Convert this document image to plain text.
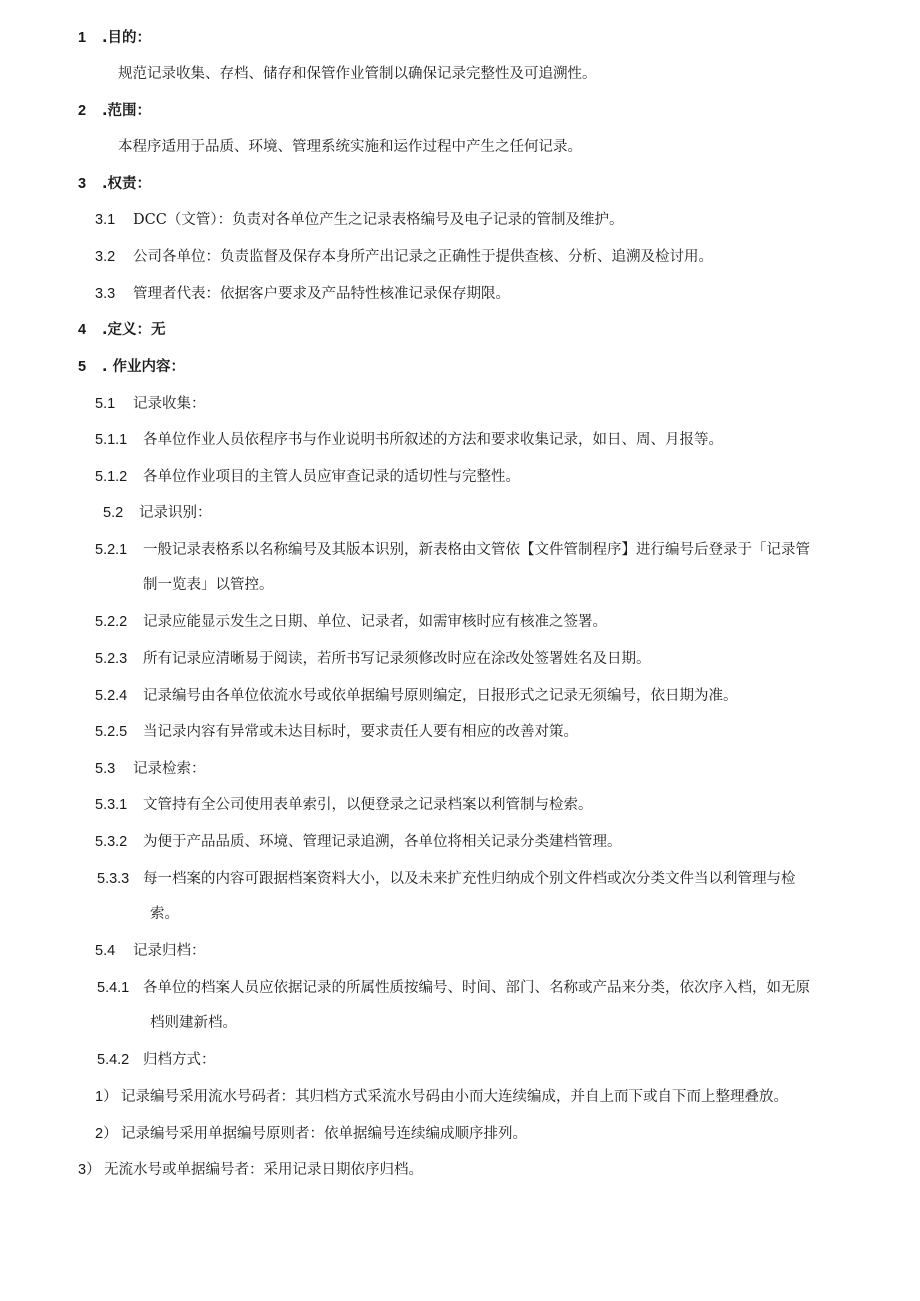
1 .目的：
规范记录收集、存档、储存和保管作业管制以确保记录完整性及可追溯性。
2 .范围：
本程序适用于品质、环境、管理系统实施和运作过程中产生之任何记录。
3 .权责：
3.1 DCC（文管）：负责对各单位产生之记录表格编号及电子记录的管制及维护。
3.2 公司各单位：负责监督及保存本身所产出记录之正确性于提供查核、分析、追溯及检讨用。
3.3 管理者代表：依据客户要求及产品特性核准记录保存期限。
4 .定义：无
5 . 作业内容：
5.1 记录收集：
5.1.1 各单位作业人员依程序书与作业说明书所叙述的方法和要求收集记录，如日、周、月报等。
5.1.2 各单位作业项目的主管人员应审查记录的适切性与完整性。
5.2 记录识别：
5.2.1 一般记录表格系以名称编号及其版本识别，新表格由文管依【文件管制程序】进行编号后登录于「记录管
制一览表」以管控。
5.2.2 记录应能显示发生之日期、单位、记录者，如需审核时应有核准之签署。
5.2.3 所有记录应清晰易于阅读，若所书写记录须修改时应在涂改处签署姓名及日期。
5.2.4 记录编号由各单位依流水号或依单据编号原则编定，日报形式之记录无须编号，依日期为准。
5.2.5 当记录内容有异常或未达目标时，要求责任人要有相应的改善对策。
5.3 记录检索：
5.3.1 文管持有全公司使用表单索引，以便登录之记录档案以利管制与检索。
5.3.2 为便于产品品质、环境、管理记录追溯，各单位将相关记录分类建档管理。
5.3.3 每一档案的内容可跟据档案资料大小，以及未来扩充性归纳成个别文件档或次分类文件当以利管理与检
索。
5.4 记录归档：
5.4.1 各单位的档案人员应依据记录的所属性质按编号、时间、部门、名称或产品来分类，依次序入档，如无原
档则建新档。
5.4.2 归档方式：
1） 记录编号采用流水号码者：其归档方式采流水号码由小而大连续编成，并自上而下或自下而上整理叠放。
2） 记录编号采用单据编号原则者：依单据编号连续编成顺序排列。
3） 无流水号或单据编号者：采用记录日期依序归档。
